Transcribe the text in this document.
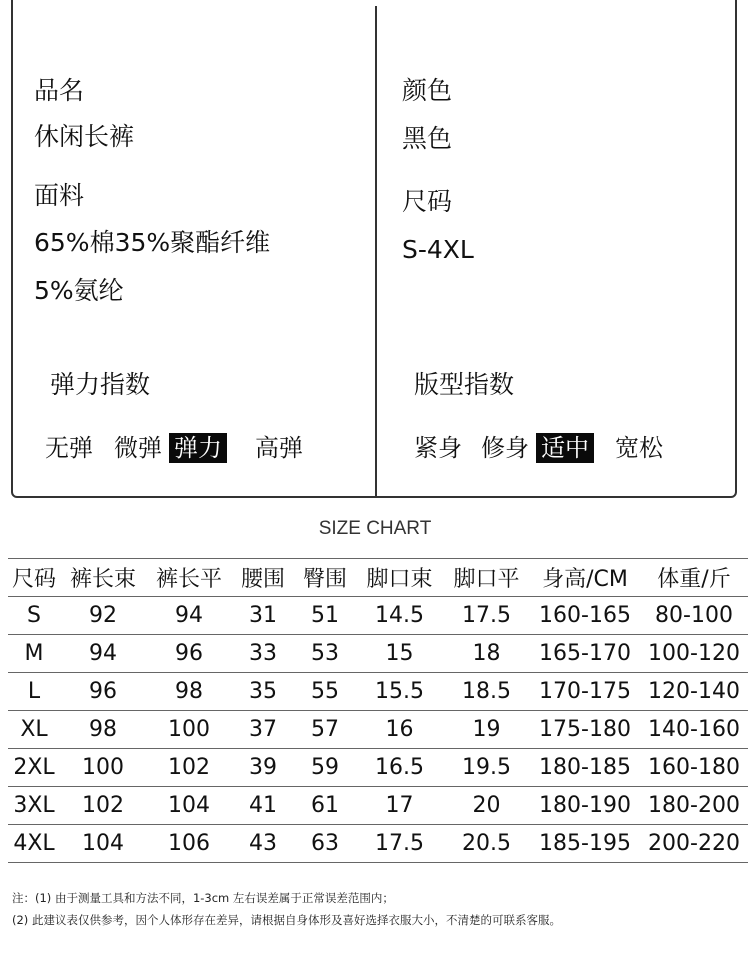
品名
休闲长裤
面料
65%棉35%聚酯纤维
5%氨纶
弹力指数
无弹 微弹 弹力 高弹
颜色
黑色
尺码
S-4XL
版型指数
紧身 修身 适中 宽松
SIZE CHART
尺码	裤长束	裤长平	腰围	臀围	脚口束	脚口平	身高/CM	体重/斤
S	92	94	31	51	14.5	17.5	160-165	80-100
M	94	96	33	53	15	18	165-170	100-120
L	96	98	35	55	15.5	18.5	170-175	120-140
XL	98	100	37	57	16	19	175-180	140-160
2XL	100	102	39	59	16.5	19.5	180-185	160-180
3XL	102	104	41	61	17	20	180-190	180-200
4XL	104	106	43	63	17.5	20.5	185-195	200-220
注：(1) 由于测量工具和方法不同，1-3cm 左右误差属于正常误差范围内；
(2) 此建议表仅供参考，因个人体形存在差异，请根据自身体形及喜好选择衣服大小，不清楚的可联系客服。
